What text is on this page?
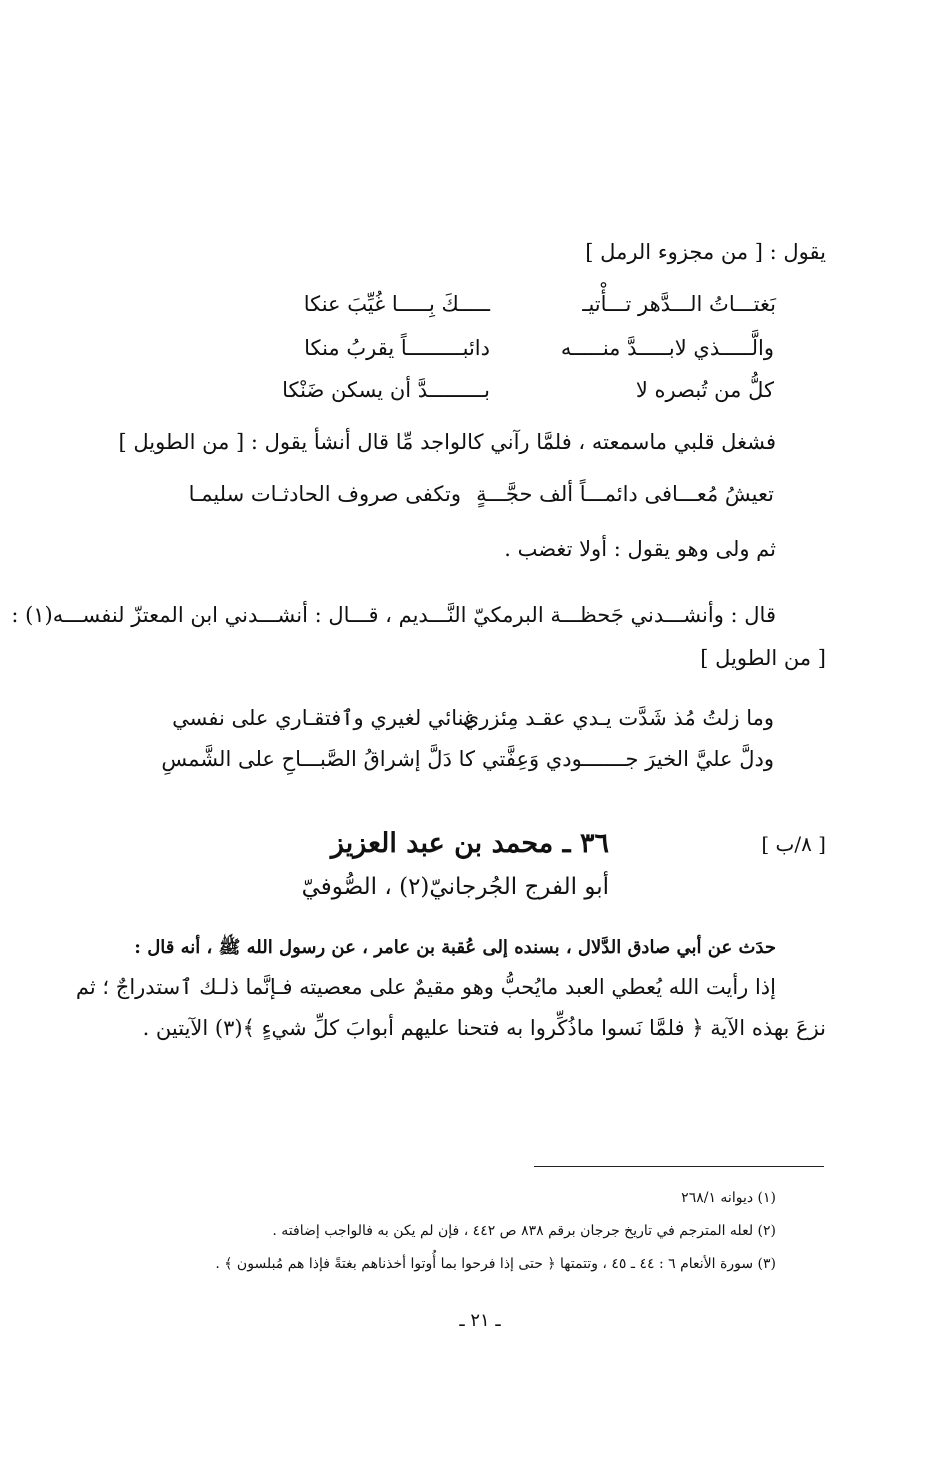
يقول : [ من مجزوء الرمل ]
بَغتـــاتُ الـــدَّهر تـــأْتيـ
ـــــكَ بِـــــا غُيِّبَ عنكا
والَّـــــذي لابـــــدَّ منـــــه
دائبـــــــــاً يقربُ منكا
كلُّ من تُبصره لا
بـــــــــدَّ أن يسكن ضَنْكا
فشغل قلبي ماسمعته ، فلمَّا رآني كالواجد مِّا قال أنشأ يقول : [ من الطويل ]
تعيشُ مُعـــافى دائمـــاً ألف حجَّـــةٍ
وتكفى صروف الحادثـات سليمـا
ثم ولى وهو يقول : أولا تغضب .
قال : وأنشـــدني جَحظـــة البرمكيّ النَّـــديم ، قـــال : أنشـــدني ابن المعتزّ لنفســـه(١) :
[ من الطويل ]
وما زلتُ مُذ شَدَّت يـدي عقـد مِئزري
غِنائي لغيري وٱفتقـاري على نفسي
ودلَّ عليَّ الخيرَ جـــــــودي وَعِفَّتي
كا دَلَّ إشراقُ الصَّبـــاحِ على الشَّمسِ
[ ٨/ب ]
٣٦ ـ محمد بن عبد العزيز
أبو الفرج الجُرجانيّ(٢) ، الصُّوفيّ
حدَث عن أبي صادق الدَّلال ، بسنده إلى عُقبة بن عامر ، عن رسول الله ﷺ ، أنه قال :
إذا رأيت الله يُعطي العبد مايُحبُّ وهو مقيمٌ على معصيته فـإنَّما ذلـك ٱستدراجٌ ؛ ثم
نزعَ بهذه الآية ﴿ فلمَّا نَسوا ماذُكِّروا به فتحنا عليهم أبوابَ كلِّ شيءٍ ﴾(٣) الآيتين .
(١) ديوانه ٢٦٨/١
(٢) لعله المترجم في تاريخ جرجان برقم ٨٣٨ ص ٤٤٢ ، فإن لم يكن به فالواجب إضافته .
(٣) سورة الأنعام ٦ : ٤٤ ـ ٤٥ ، وتتمتها ﴿ حتى إذا فرحوا بما أُوتوا أخذناهم بغتةً فإذا هم مُبلسون ﴾ .
ـ ٢١ ـ
